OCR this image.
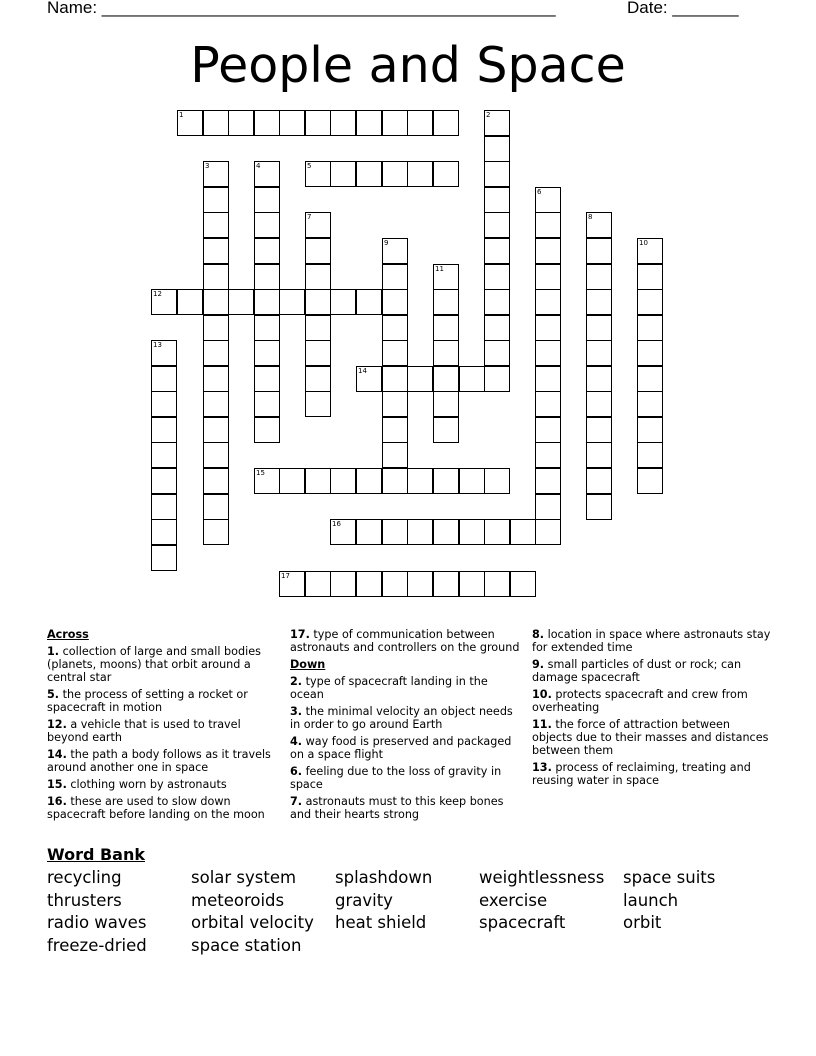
Name: ________________________________________________	Date: _______
People and Space
1	2
3	4	5
6
7	8
9	10
11
12
13
14
15
16
17
Across
1. collection of large and small bodies (planets, moons) that orbit around a central star
5. the process of setting a rocket or spacecraft in motion
12. a vehicle that is used to travel beyond earth
14. the path a body follows as it travels around another one in space
15. clothing worn by astronauts
16. these are used to slow down spacecraft before landing on the moon
17. type of communication between astronauts and controllers on the ground
Down
2. type of spacecraft landing in the ocean
3. the minimal velocity an object needs in order to go around Earth
4. way food is preserved and packaged on a space flight
6. feeling due to the loss of gravity in space
7. astronauts must to this keep bones and their hearts strong
8. location in space where astronauts stay for extended time
9. small particles of dust or rock; can damage spacecraft
10. protects spacecraft and crew from overheating
11. the force of attraction between objects due to their masses and distances between them
13. process of reclaiming, treating and reusing water in space
Word Bank
recycling	solar system	splashdown	weightlessness	space suits
thrusters	meteoroids	gravity	exercise	launch
radio waves	orbital velocity	heat shield	spacecraft	orbit
freeze-dried	space station
